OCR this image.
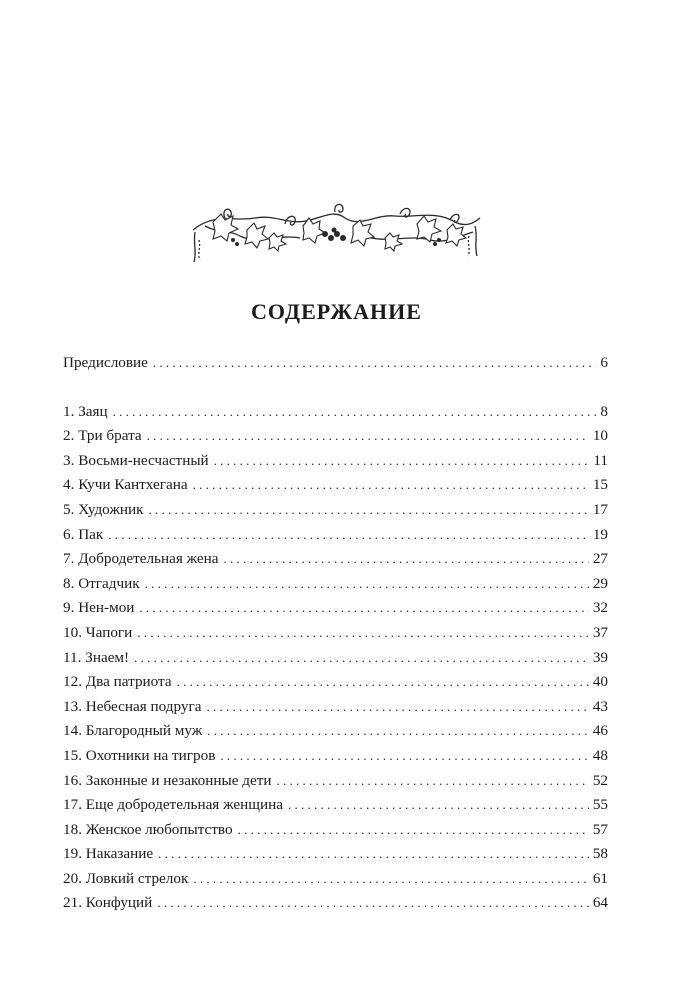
СОДЕРЖАНИЕ
Предисловие . . .	6
1. Заяц . . .	8
2. Три брата . . .	10
3. Восьми-несчастный . . .	11
4. Кучи Кантхегана . . .	15
5. Художник . . .	17
6. Пак . . .	19
7. Добродетельная жена . . .	27
8. Отгадчик . . .	29
9. Нен-мои . . .	32
10. Чапоги . . .	37
11. Знаем! . . .	39
12. Два патриота . . .	40
13. Небесная подруга . . .	43
14. Благородный муж . . .	46
15. Охотники на тигров . . .	48
16. Законные и незаконные дети . . .	52
17. Еще добродетельная женщина . . .	55
18. Женское любопытство . . .	57
19. Наказание . . .	58
20. Ловкий стрелок . . .	61
21. Конфуций . . .	64
